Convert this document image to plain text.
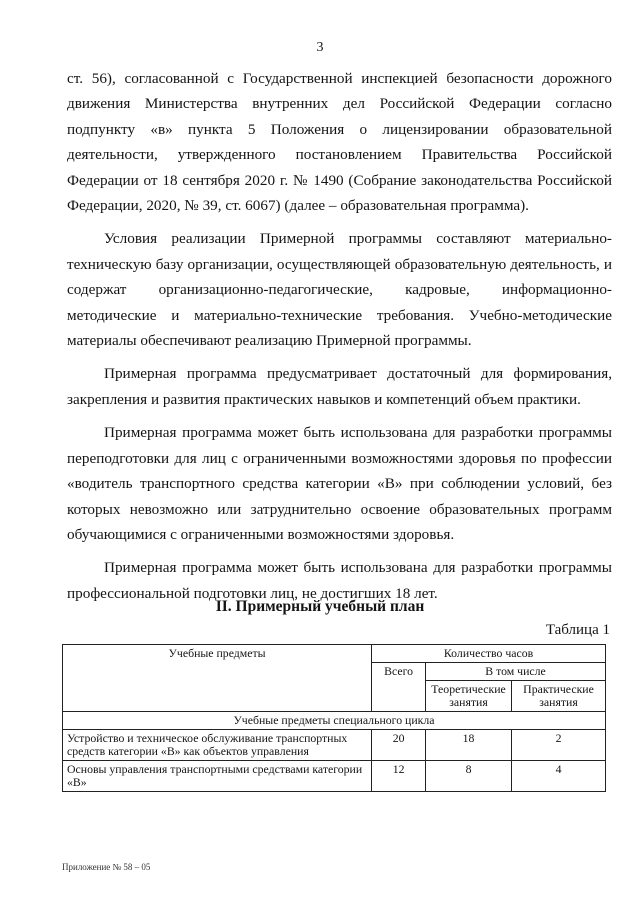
3

ст. 56), согласованной с Государственной инспекцией безопасности дорожного движения Министерства внутренних дел Российской Федерации согласно подпункту «в» пункта 5 Положения о лицензировании образовательной деятельности, утвержденного постановлением Правительства Российской Федерации от 18 сентября 2020 г. № 1490 (Собрание законодательства Российской Федерации, 2020, № 39, ст. 6067) (далее – образовательная программа).

Условия реализации Примерной программы составляют материально-техническую базу организации, осуществляющей образовательную деятельность, и содержат организационно-педагогические, кадровые, информационно-методические и материально-технические требования. Учебно-методические материалы обеспечивают реализацию Примерной программы.

Примерная программа предусматривает достаточный для формирования, закрепления и развития практических навыков и компетенций объем практики.

Примерная программа может быть использована для разработки программы переподготовки для лиц с ограниченными возможностями здоровья по профессии «водитель транспортного средства категории «В» при соблюдении условий, без которых невозможно или затруднительно освоение образовательных программ обучающимися с ограниченными возможностями здоровья.

Примерная программа может быть использована для разработки программы профессиональной подготовки лиц, не достигших 18 лет.

II. Примерный учебный план
Таблица 1
Учебные предметы	Количество часов		
	Всего	В том числе	
		Теоретические занятия	Практические занятия
Учебные предметы специального цикла			
Устройство и техническое обслуживание транспортных средств категории «В» как объектов управления	20	18	2
Основы управления транспортными средствами категории «В»	12	8	4
Приложение № 58 – 05
